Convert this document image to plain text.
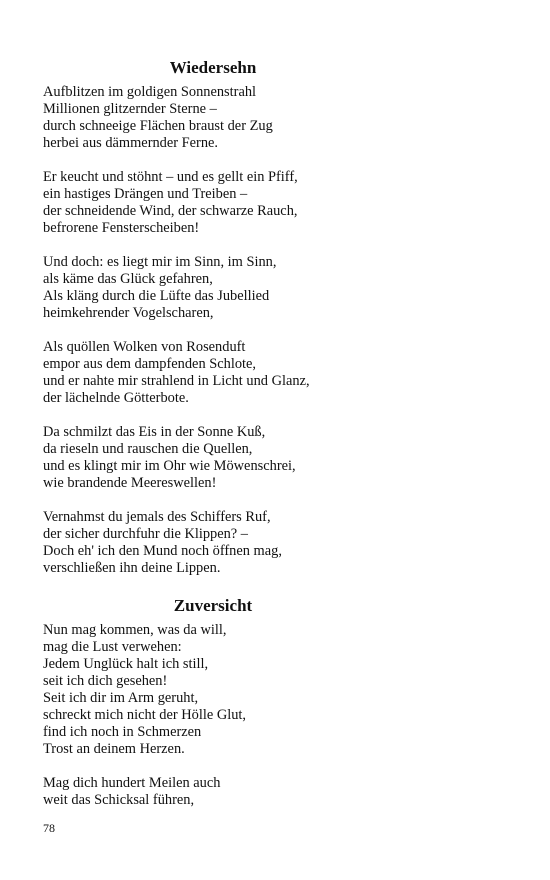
Wiedersehn
Aufblitzen im goldigen Sonnenstrahl
Millionen glitzernder Sterne –
durch schneeige Flächen braust der Zug
herbei aus dämmernder Ferne.
Er keucht und stöhnt – und es gellt ein Pfiff,
ein hastiges Drängen und Treiben –
der schneidende Wind, der schwarze Rauch,
befrorene Fensterscheiben!
Und doch: es liegt mir im Sinn, im Sinn,
als käme das Glück gefahren,
Als kläng durch die Lüfte das Jubellied
heimkehrender Vogelscharen,
Als quöllen Wolken von Rosenduft
empor aus dem dampfenden Schlote,
und er nahte mir strahlend in Licht und Glanz,
der lächelnde Götterbote.
Da schmilzt das Eis in der Sonne Kuß,
da rieseln und rauschen die Quellen,
und es klingt mir im Ohr wie Möwenschrei,
wie brandende Meereswellen!
Vernahmst du jemals des Schiffers Ruf,
der sicher durchfuhr die Klippen? –
Doch eh' ich den Mund noch öffnen mag,
verschließen ihn deine Lippen.
Zuversicht
Nun mag kommen, was da will,
mag die Lust verwehen:
Jedem Unglück halt ich still,
seit ich dich gesehen!
Seit ich dir im Arm geruht,
schreckt mich nicht der Hölle Glut,
find ich noch in Schmerzen
Trost an deinem Herzen.
Mag dich hundert Meilen auch
weit das Schicksal führen,
78
